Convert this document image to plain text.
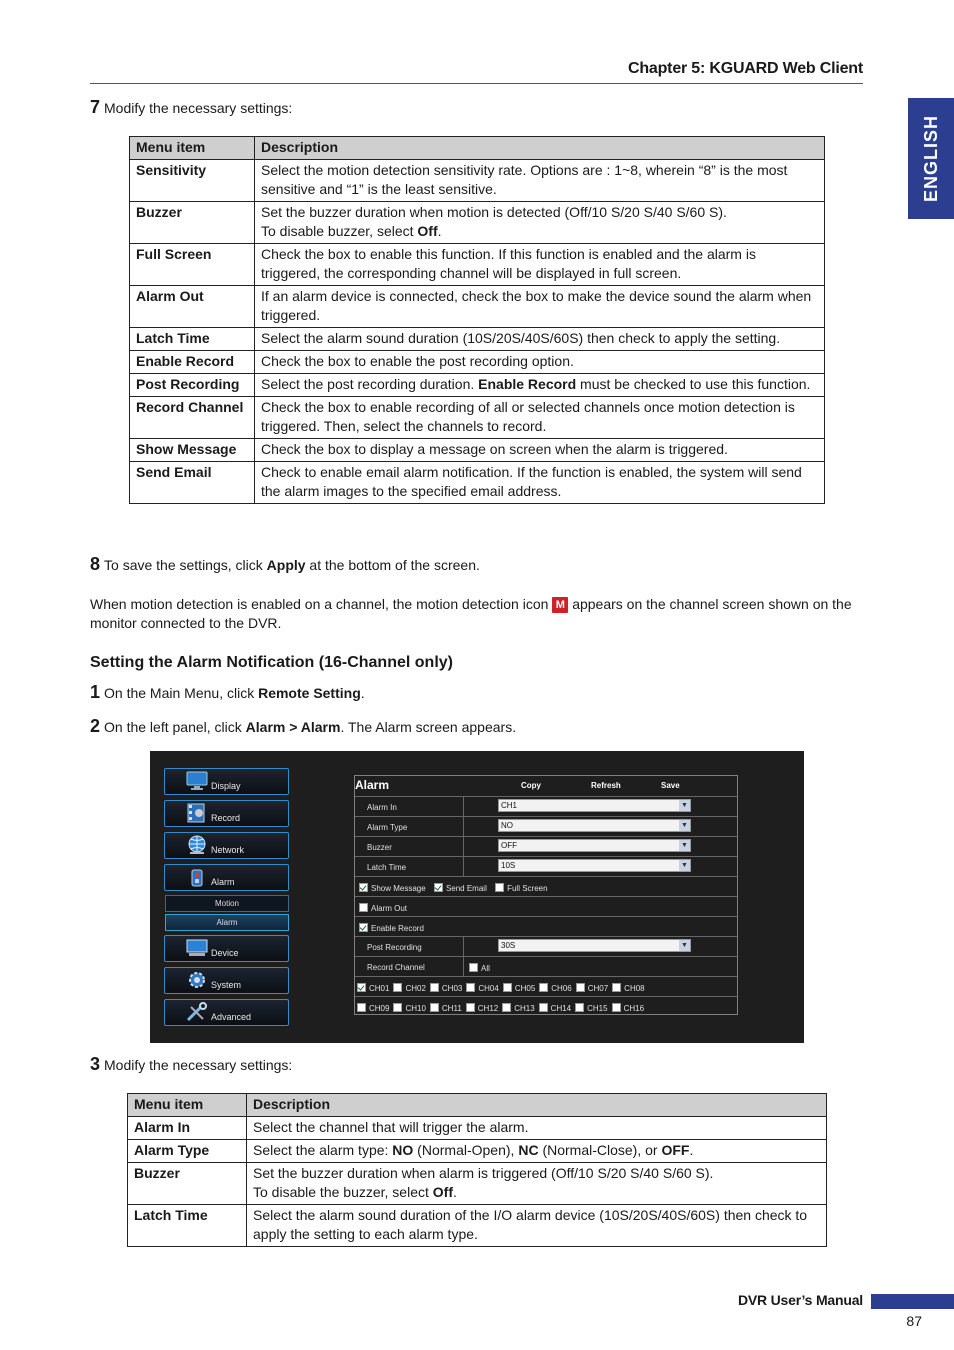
Chapter 5: KGUARD Web Client
ENGLISH
7 Modify the necessary settings:
Menu item	Description
Sensitivity	Select the motion detection sensitivity rate. Options are : 1~8, wherein “8” is the most sensitive and “1” is the least sensitive.
Buzzer	Set the buzzer duration when motion is detected (Off/10 S/20 S/40 S/60 S).
To disable buzzer, select Off.
Full Screen	Check the box to enable this function. If this function is enabled and the alarm is triggered, the corresponding channel will be displayed in full screen.
Alarm Out	If an alarm device is connected, check the box to make the device sound the alarm when triggered.
Latch Time	Select the alarm sound duration (10S/20S/40S/60S) then check to apply the setting.
Enable Record	Check the box to enable the post recording option.
Post Recording	Select the post recording duration. Enable Record must be checked to use this function.
Record Channel	Check the box to enable recording of all or selected channels once motion detection is triggered. Then, select the channels to record.
Show Message	Check the box to display a message on screen when the alarm is triggered.
Send Email	Check to enable email alarm notification. If the function is enabled, the system will send the alarm images to the specified email address.
8 To save the settings, click Apply at the bottom of the screen.
When motion detection is enabled on a channel, the motion detection icon M appears on the channel screen shown on the monitor connected to the DVR.
Setting the Alarm Notification (16-Channel only)
1 On the Main Menu, click Remote Setting.
2 On the left panel, click Alarm > Alarm. The Alarm screen appears.
Display
Record
Network
Alarm
Motion
Alarm
Device
System
Advanced
Alarm	Copy	Refresh	Save
Alarm In	CH1	▼
Alarm Type	NO	▼
Buzzer	OFF	▼
Latch Time	10S	▼
Show Message	Send Email	Full Screen
Alarm Out
Enable Record
Post Recording	30S	▼
Record Channel	All
CH01 CH02 CH03 CH04 CH05 CH06 CH07 CH08
CH09 CH10 CH11 CH12 CH13 CH14 CH15 CH16
3 Modify the necessary settings:
Menu item	Description
Alarm In	Select the channel that will trigger the alarm.
Alarm Type	Select the alarm type: NO (Normal-Open), NC (Normal-Close), or OFF.
Buzzer	Set the buzzer duration when alarm is triggered (Off/10 S/20 S/40 S/60 S).
To disable the buzzer, select Off.
Latch Time	Select the alarm sound duration of the I/O alarm device (10S/20S/40S/60S) then check to apply the setting to each alarm type.
DVR User’s Manual
87
